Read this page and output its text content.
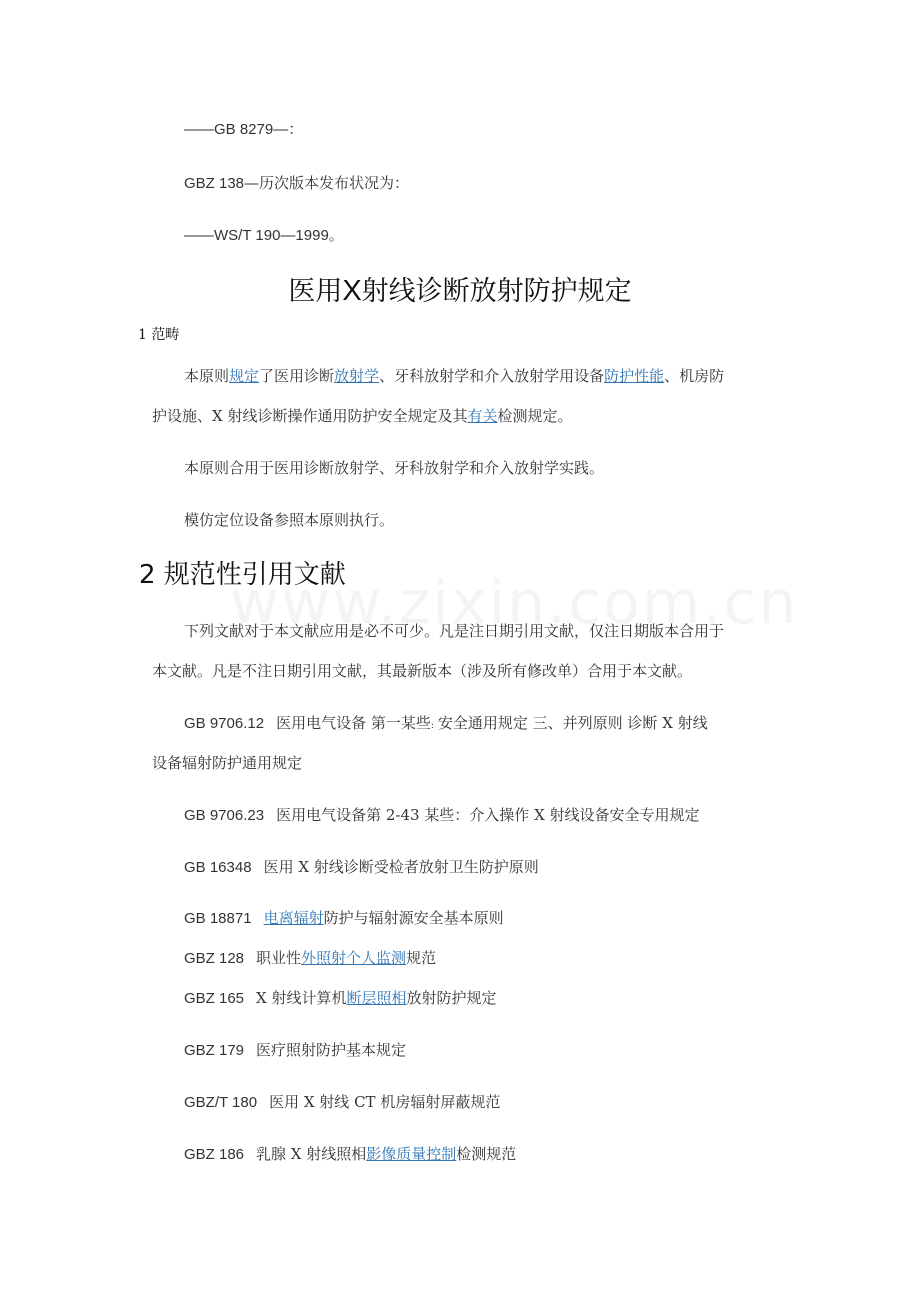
——GB 8279—：
GBZ 138—历次版本发布状况为：
——WS/T 190—1999。
医用X射线诊断放射防护规定
1 范畴
本原则规定了医用诊断放射学、牙科放射学和介入放射学用设备防护性能、机房防
护设施、X 射线诊断操作通用防护安全规定及其有关检测规定。
本原则合用于医用诊断放射学、牙科放射学和介入放射学实践。
模仿定位设备参照本原则执行。
2 规范性引用文献
下列文献对于本文献应用是必不可少。凡是注日期引用文献，仅注日期版本合用于
本文献。凡是不注日期引用文献，其最新版本（涉及所有修改单）合用于本文献。
GB 9706.12 医用电气设备 第一某些: 安全通用规定 三、并列原则 诊断 X 射线
设备辐射防护通用规定
GB 9706.23 医用电气设备第 2-43 某些：介入操作 X 射线设备安全专用规定
GB 16348 医用 X 射线诊断受检者放射卫生防护原则
GB 18871 电离辐射防护与辐射源安全基本原则
GBZ 128 职业性外照射个人监测规范
GBZ 165 X 射线计算机断层照相放射防护规定
GBZ 179 医疗照射防护基本规定
GBZ/T 180 医用 X 射线 CT 机房辐射屏蔽规范
GBZ 186 乳腺 X 射线照相影像质量控制检测规范
